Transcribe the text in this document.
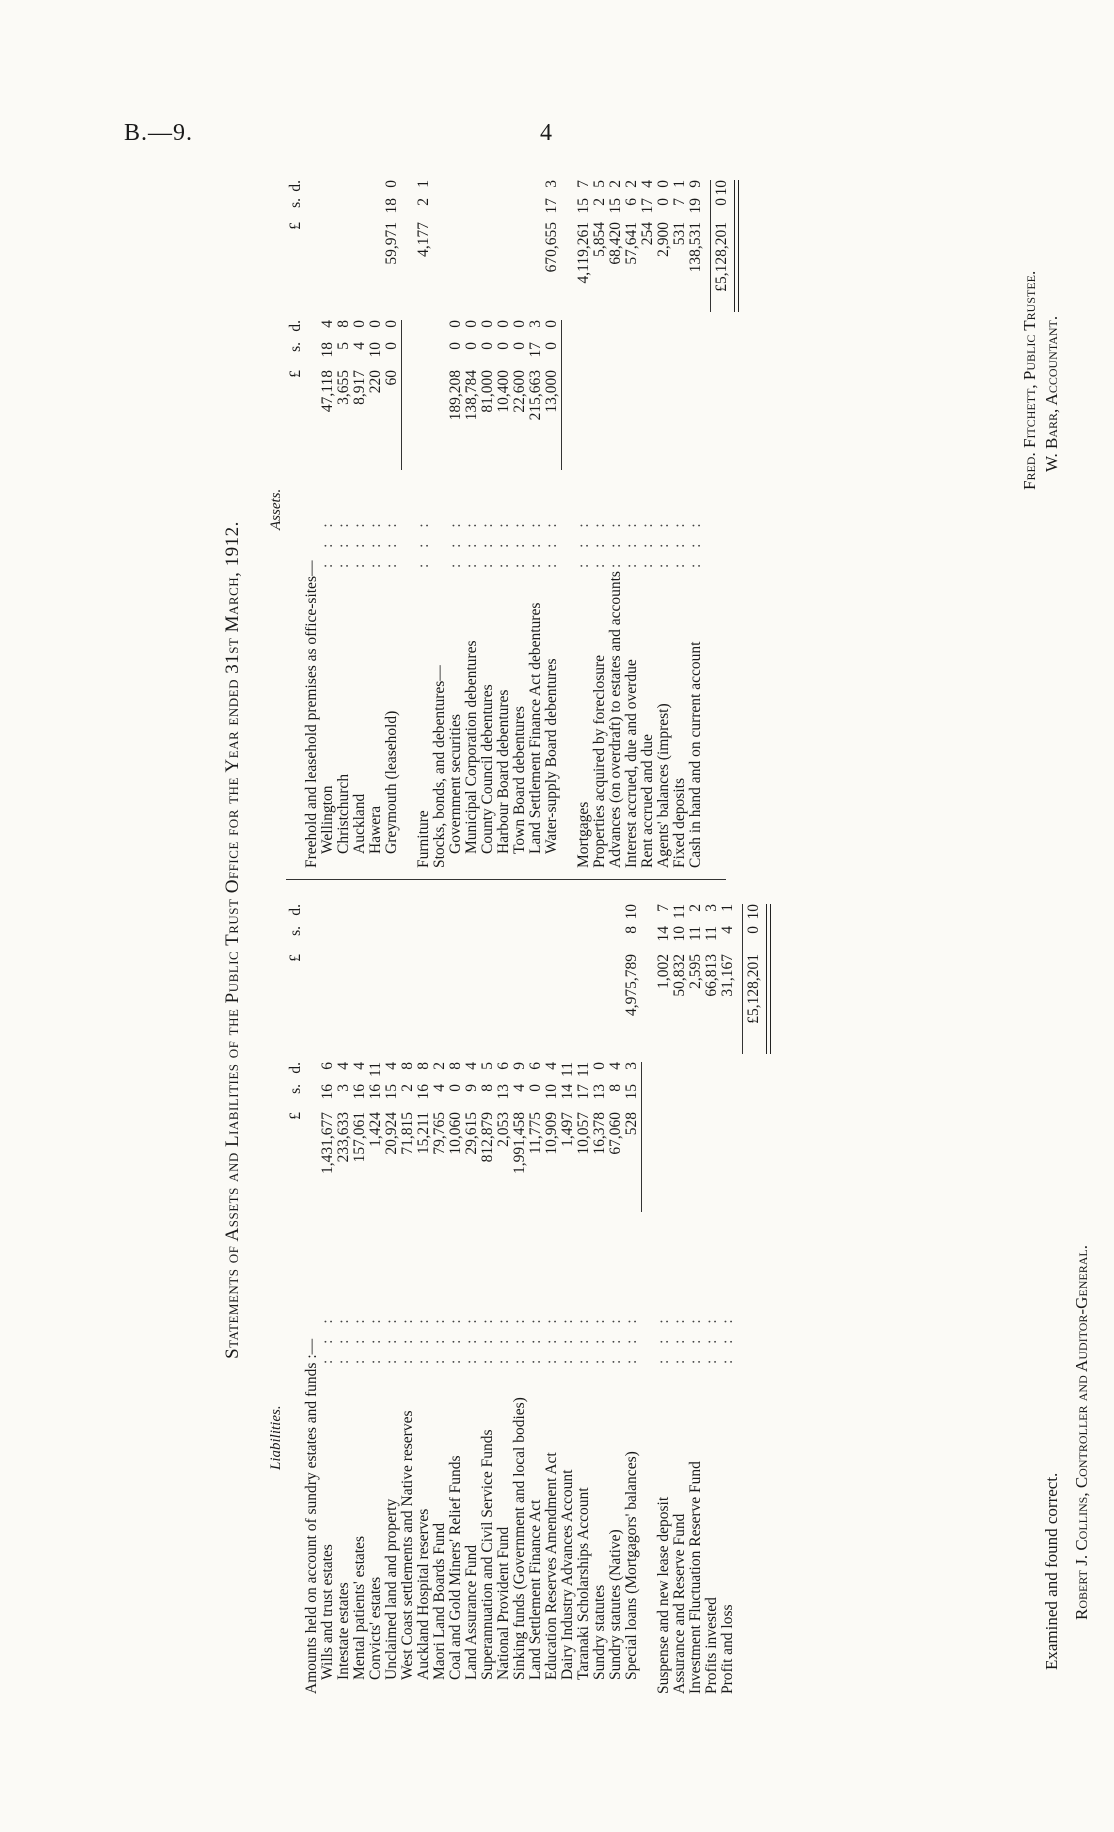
B.—9.	4
Statements of Assets and Liabilities of the Public Trust Office for the Year ended 31st March, 1912.
Liabilities.
Assets.
£
s.
d.
£
s.
d.
Amounts held on account of sundry estates and funds :— Wills and trust estates
: : :
1,431,677
16
6
Intestate estates
: : :
233,633
3
4
Mental patients' estates
: : :
157,061
16
4
Convicts' estates
: : :
1,424
16
11
Unclaimed land and property
: : :
20,924
15
4
West Coast settlements and Native reserves
: : :
71,815
2
8
Auckland Hospital reserves
: : :
15,211
16
8
Maori Land Boards Fund
: : :
79,765
4
2
Coal and Gold Miners' Relief Funds
: : :
10,060
0
8
Land Assurance Fund
: : :
29,615
9
4
Superannuation and Civil Service Funds
: : :
812,879
8
5
National Provident Fund
: : :
2,053
13
6
Sinking funds (Government and local bodies)
: : :
1,991,458
4
9
Land Settlement Finance Act
: : :
11,775
0
6
Education Reserves Amendment Act
: : :
10,909
10
4
Dairy Industry Advances Account
: : :
1,497
14
11
Taranaki Scholarships Account
: : :
10,057
17
11
Sundry statutes
: : :
16,378
13
0
Sundry statutes (Native)
: : :
67,060
8
4
Special loans (Mortgagors' balances)
: : :
528
15
3
4,975,789
8
10
Suspense and new lease deposit
: : :
1,002
14
7
Assurance and Reserve Fund
: : :
50,832
10
11
Investment Fluctuation Reserve Fund
: : :
2,595
11
2
Profits invested
: : :
66,813
11
3
Profit and loss
: : :
31,167
4
1
£5,128,201
0
10
£
s.
d.
£
s.
d.
Freehold and leasehold premises as office-sites— Wellington
: : :
47,118
18
4
Christchurch
: : :
3,655
5
8
Auckland
: : :
8,917
4
0
Hawera
: : :
220
10
0
Greymouth (leasehold)
: : :
60
0
0
59,971
18
0
Furniture
: : :
4,177
2
1
Stocks, bonds, and debentures— Government securities
: : :
189,208
0
0
Municipal Corporation debentures
: : :
138,784
0
0
County Council debentures
: : :
81,000
0
0
Harbour Board debentures
: : :
10,400
0
0
Town Board debentures
: : :
22,600
0
0
Land Settlement Finance Act debentures
: : :
215,663
17
3
Water-supply Board debentures
: : :
13,000
0
0
670,655
17
3
Mortgages
: : :
4,119,261
15
7
Properties acquired by foreclosure
: : :
5,854
2
5
Advances (on overdraft) to estates and accounts
: : :
68,420
15
2
Interest accrued, due and overdue
: : :
57,641
6
2
Rent accrued and due
: : :
254
17
4
Agents' balances (imprest)
: : :
2,900
0
0
Fixed deposits
: : :
531
7
1
Cash in hand and on current account
: : :
138,531
19
9
£5,128,201
0
10
Examined and found correct. Robert J. Collins, Controller and Auditor-General.
Fred. Fitchett, Public Trustee. W. Barr, Accountant.
